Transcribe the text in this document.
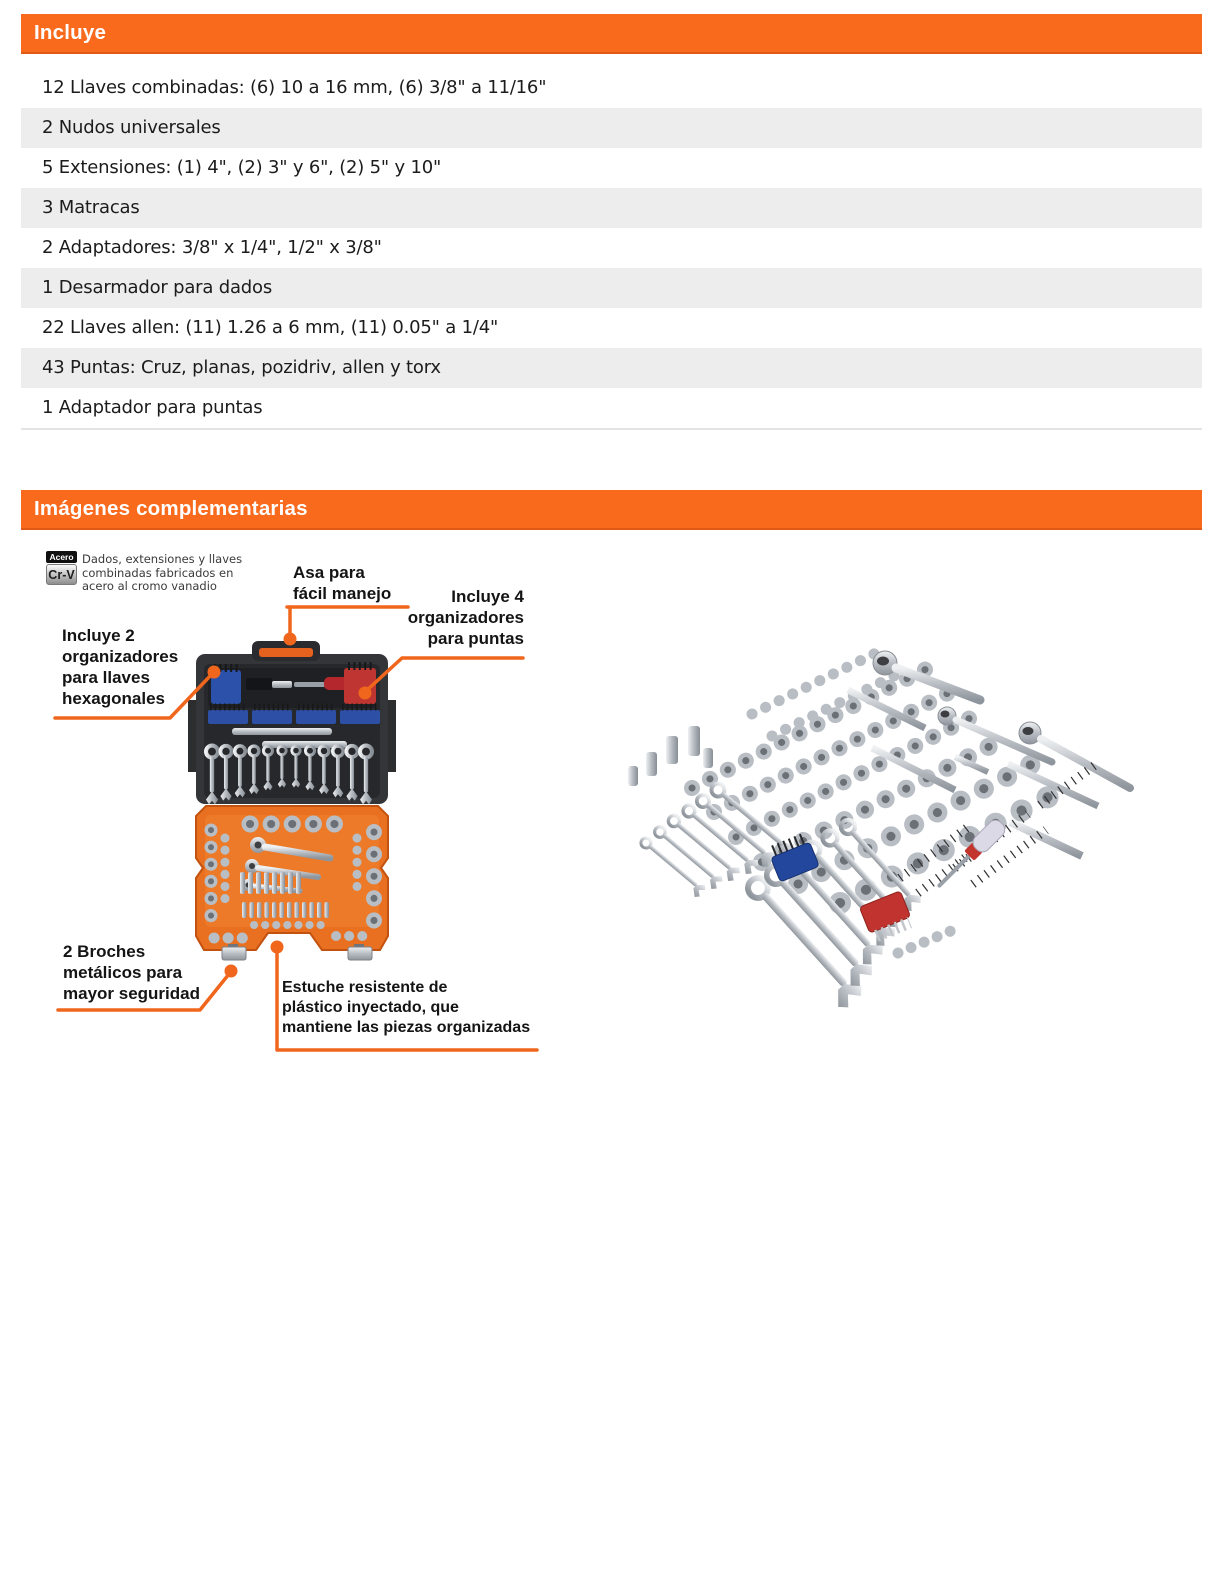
Incluye
12 Llaves combinadas: (6) 10 a 16 mm, (6) 3/8" a 11/16"
2 Nudos universales
5 Extensiones: (1) 4", (2) 3" y 6", (2) 5" y 10"
3 Matracas
2 Adaptadores: 3/8" x 1/4", 1/2" x 3/8"
1 Desarmador para dados
22 Llaves allen: (11) 1.26 a 6 mm, (11) 0.05" a 1/4"
43 Puntas: Cruz, planas, pozidriv, allen y torx
1 Adaptador para puntas
Imágenes complementarias
Acero
Cr-V
Dados, extensiones y llaves
combinadas fabricados en
acero al cromo vanadio
Asa para
fácil manejo	Incluye 4
organizadores
para puntas
Incluye 2
organizadores
para llaves
hexagonales
2 Broches
metálicos para
mayor seguridad	Estuche resistente de
plástico inyectado, que
mantiene las piezas organizadas
